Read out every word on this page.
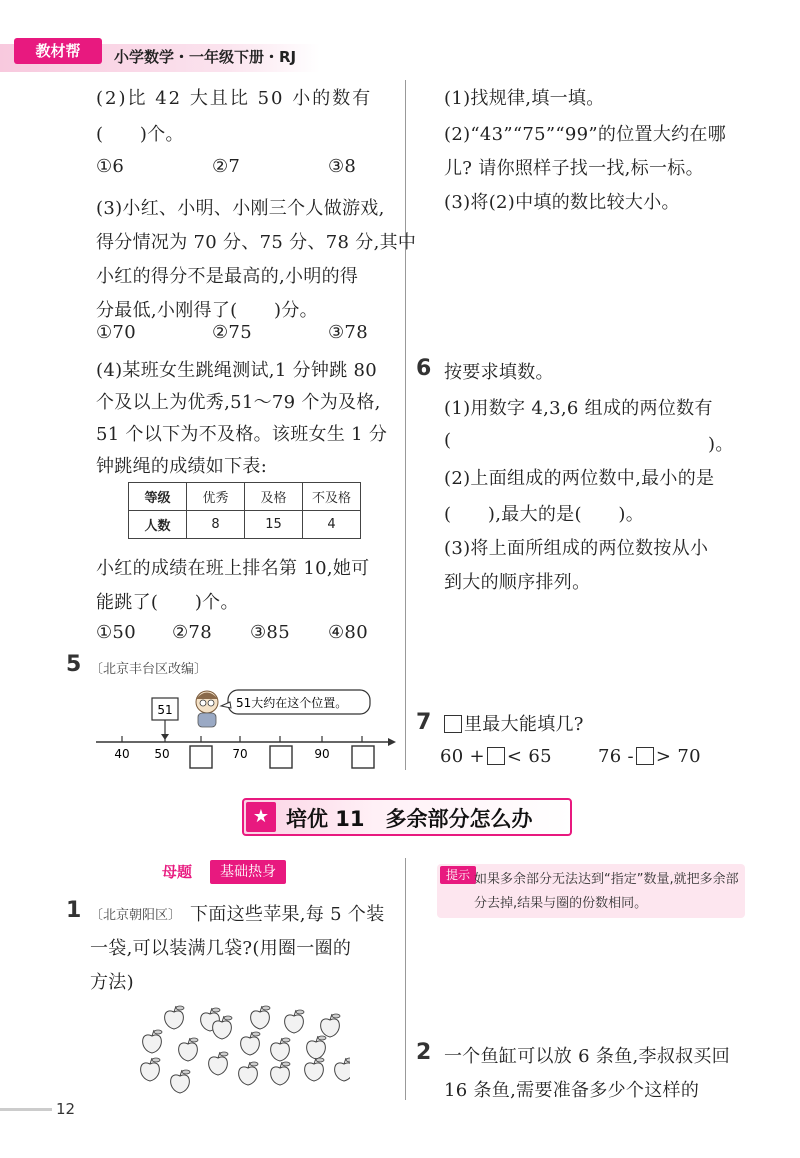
教材帮	小学数学・一年级下册・RJ
(2)比 42 大且比 50 小的数有
(　　)个。
①6	②7	③8
(3)小红、小明、小刚三个人做游戏,
得分情况为 70 分、75 分、78 分,其中
小红的得分不是最高的,小明的得
分最低,小刚得了(　　)分。
①70	②75	③78
(4)某班女生跳绳测试,1 分钟跳 80
个及以上为优秀,51～79 个为及格,
51 个以下为不及格。该班女生 1 分
钟跳绳的成绩如下表:
等级	优秀	及格	不及格
人数	8	15	4
小红的成绩在班上排名第 10,她可
能跳了(　　)个。
①50 ②78 ③85 ④80
5 〔北京丰台区改编〕
51	51大约在这个位置。
40 50	70	90
(1)找规律,填一填。
(2)“43”“75”“99”的位置大约在哪
儿? 请你照样子找一找,标一标。
(3)将(2)中填的数比较大小。
6 按要求填数。
(1)用数字 4,3,6 组成的两位数有
(	)。
(2)上面组成的两位数中,最小的是
(　　),最大的是(　　)。
(3)将上面所组成的两位数按从小
到大的顺序排列。
7	里最大能填几?
60 + < 65	76 - > 70
★ 培优 11　多余部分怎么办
母题	基础热身
1 〔北京朝阳区〕 下面这些苹果,每 5 个装
一袋,可以装满几袋?(用圈一圈的
方法)
提示 如果多余部分无法达到“指定”数量,就把多余部分去掉,结果与圈的份数相同。
2 一个鱼缸可以放 6 条鱼,李叔叔买回
16 条鱼,需要准备多少个这样的
12
